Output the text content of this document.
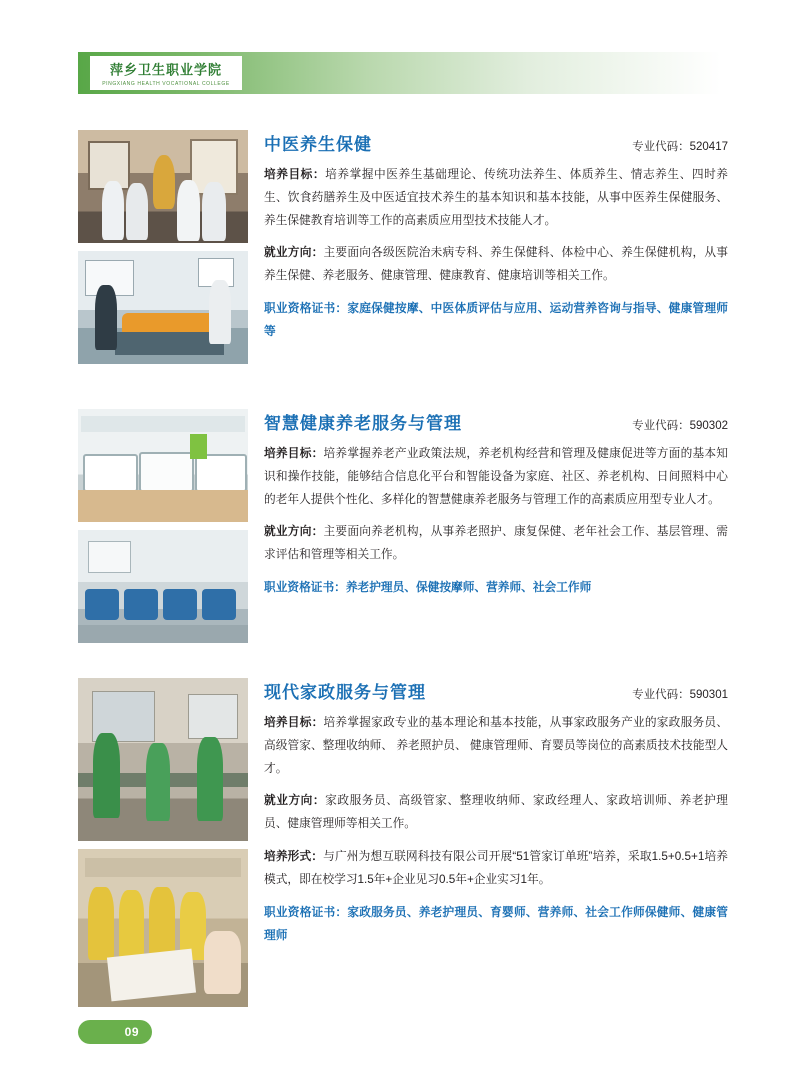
萍乡卫生职业学院
PINGXIANG HEALTH VOCATIONAL COLLEGE
中医养生保健	专业代码：520417

培养目标：培养掌握中医养生基础理论、传统功法养生、体质养生、情志养生、四时养生、饮食药膳养生及中医适宜技术养生的基本知识和基本技能，从事中医养生保健服务、养生保健教育培训等工作的高素质应用型技术技能人才。

就业方向：主要面向各级医院治未病专科、养生保健科、体检中心、养生保健机构，从事养生保健、养老服务、健康管理、健康教育、健康培训等相关工作。

职业资格证书：家庭保健按摩、中医体质评估与应用、运动营养咨询与指导、健康管理师等

智慧健康养老服务与管理	专业代码：590302

培养目标：培养掌握养老产业政策法规，养老机构经营和管理及健康促进等方面的基本知识和操作技能，能够结合信息化平台和智能设备为家庭、社区、养老机构、日间照料中心的老年人提供个性化、多样化的智慧健康养老服务与管理工作的高素质应用型专业人才。

就业方向：主要面向养老机构，从事养老照护、康复保健、老年社会工作、基层管理、需求评估和管理等相关工作。

职业资格证书：养老护理员、保健按摩师、营养师、社会工作师

现代家政服务与管理	专业代码：590301

培养目标：培养掌握家政专业的基本理论和基本技能，从事家政服务产业的家政服务员、高级管家、整理收纳师、 养老照护员、 健康管理师、育婴员等岗位的高素质技术技能型人才。

就业方向：家政服务员、高级管家、整理收纳师、家政经理人、家政培训师、养老护理员、健康管理师等相关工作。

培养形式：与广州为想互联网科技有限公司开展“51管家订单班”培养，采取1.5+0.5+1培养模式，即在校学习1.5年+企业见习0.5年+企业实习1年。

职业资格证书：家政服务员、养老护理员、育婴师、营养师、社会工作师保健师、健康管理师

09
